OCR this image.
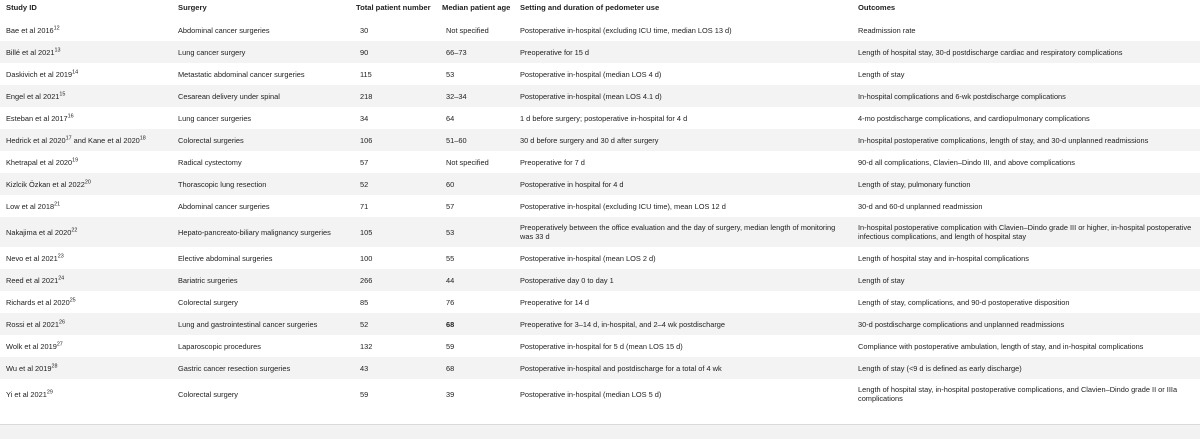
Study ID	Surgery	Total patient number	Median patient age	Setting and duration of pedometer use	Outcomes
Bae et al 2016$^{12}$	Abdominal cancer surgeries	30	Not specified	Postoperative in-hospital (excluding ICU time, median LOS 13 d)	Readmission rate
Billé et al 2021$^{13}$	Lung cancer surgery	90	66–73	Preoperative for 15 d	Length of hospital stay, 30-d postdischarge cardiac and respiratory complications
Daskivich et al 2019$^{14}$	Metastatic abdominal cancer surgeries	115	53	Postoperative in-hospital (median LOS 4 d)	Length of stay
Engel et al 2021$^{15}$	Cesarean delivery under spinal	218	32–34	Postoperative in-hospital (mean LOS 4.1 d)	In-hospital complications and 6-wk postdischarge complications
Esteban et al 2017$^{16}$	Lung cancer surgeries	34	64	1 d before surgery; postoperative in-hospital for 4 d	4-mo postdischarge complications, and cardiopulmonary complications
Hedrick et al 2020$^{17}$ and Kane et al 2020$^{18}$	Colorectal surgeries	106	51–60	30 d before surgery and 30 d after surgery	In-hospital postoperative complications, length of stay, and 30-d unplanned readmissions
Khetrapal et al 2020$^{19}$	Radical cystectomy	57	Not specified	Preoperative for 7 d	90-d all complications, Clavien–Dindo III, and above complications
Kizlcik Özkan et al 2022$^{20}$	Thorascopic lung resection	52	60	Postoperative in hospital for 4 d	Length of stay, pulmonary function
Low et al 2018$^{21}$	Abdominal cancer surgeries	71	57	Postoperative in-hospital (excluding ICU time), mean LOS 12 d	30-d and 60-d unplanned readmission
Nakajima et al 2020$^{22}$	Hepato-pancreato-biliary malignancy surgeries	105	53	Preoperatively between the office evaluation and the day of surgery, median length of monitoring was 33 d	In-hospital postoperative complication with Clavien–Dindo grade III or higher, in-hospital postoperative infectious complications, and length of hospital stay
Nevo et al 2021$^{23}$	Elective abdominal surgeries	100	55	Postoperative in-hospital (mean LOS 2 d)	Length of hospital stay and in-hospital complications
Reed et al 2021$^{24}$	Bariatric surgeries	266	44	Postoperative day 0 to day 1	Length of stay
Richards et al 2020$^{25}$	Colorectal surgery	85	76	Preoperative for 14 d	Length of stay, complications, and 90-d postoperative disposition
Rossi et al 2021$^{26}$	Lung and gastrointestinal cancer surgeries	52	68	Preoperative for 3–14 d, in-hospital, and 2–4 wk postdischarge	30-d postdischarge complications and unplanned readmissions
Wolk et al 2019$^{27}$	Laparoscopic procedures	132	59	Postoperative in-hospital for 5 d (mean LOS 15 d)	Compliance with postoperative ambulation, length of stay, and in-hospital complications
Wu et al 2019$^{28}$	Gastric cancer resection surgeries	43	68	Postoperative in-hospital and postdischarge for a total of 4 wk	Length of stay (<9 d is defined as early discharge)
Yi et al 2021$^{29}$	Colorectal surgery	59	39	Postoperative in-hospital (median LOS 5 d)	Length of hospital stay, in-hospital postoperative complications, and Clavien–Dindo grade II or IIIa complications
